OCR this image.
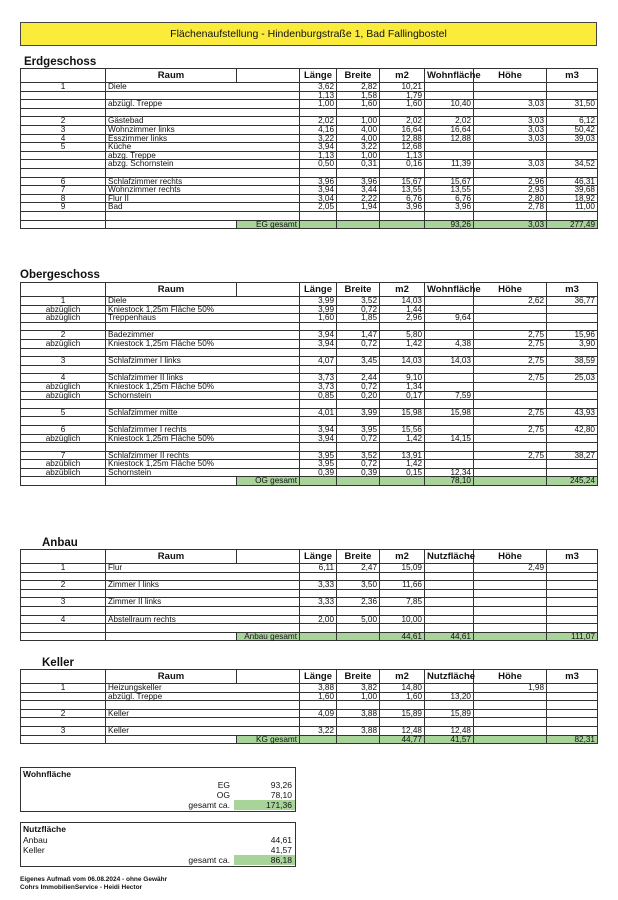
Flächenaufstellung - Hindenburgstraße 1, Bad Fallingbostel
Erdgeschoss
	Raum		Länge	Breite	m2	Wohnfläche	Höhe	m3
1	Diele		3,62	2,82	10,21			
			1,13	1,58	1,79			
	abzügl. Treppe		1,00	1,60	1,60	10,40	3,03	31,50

2	Gästebad		2,02	1,00	2,02	2,02	3,03	6,12
3	Wohnzimmer links		4,16	4,00	16,64	16,64	3,03	50,42
4	Esszimmer links		3,22	4,00	12,88	12,88	3,03	39,03
5	Küche		3,94	3,22	12,68			
	abzg. Treppe		1,13	1,00	1,13			
	abzg. Schornstein		0,50	0,31	0,16	11,39	3,03	34,52

6	Schlafzimmer rechts		3,96	3,96	15,67	15,67	2,96	46,31
7	Wohnzimmer rechts		3,94	3,44	13,55	13,55	2,93	39,68
8	Flur II		3,04	2,22	6,76	6,76	2,80	18,92
9	Bad		2,05	1,94	3,96	3,96	2,78	11,00

		EG gesamt				93,26	3,03	277,49
Obergeschoss
	Raum		Länge	Breite	m2	Wohnfläche	Höhe	m3
1	Diele		3,99	3,52	14,03		2,62	36,77
abzüglich	Kniestock 1,25m Fläche 50%		3,99	0,72	1,44			
abzüglich	Treppenhaus		1,60	1,85	2,96	9,64		

2	Badezimmer		3,94	1,47	5,80		2,75	15,96
abzüglich	Kniestock 1,25m Fläche 50%		3,94	0,72	1,42	4,38	2,75	3,90

3	Schlafzimmer I links		4,07	3,45	14,03	14,03	2,75	38,59

4	Schlafzimmer II links		3,73	2,44	9,10		2,75	25,03
abzüglich	Kniestock 1,25m Fläche 50%		3,73	0,72	1,34			
abzüglich	Schornstein		0,85	0,20	0,17	7,59		

5	Schlafzimmer mitte		4,01	3,99	15,98	15,98	2,75	43,93

6	Schlafzimmer I rechts		3,94	3,95	15,56		2,75	42,80
abzüglich	Kniestock 1,25m Fläche 50%		3,94	0,72	1,42	14,15		

7	Schlafzimmer II rechts		3,95	3,52	13,91		2,75	38,27
abzüblich	Kniestock 1,25m Fläche 50%		3,95	0,72	1,42			
abzüblich	Schornstein		0,39	0,39	0,15	12,34		
		OG gesamt				78,10		245,24
Anbau
	Raum		Länge	Breite	m2	Nutzfläche	Höhe	m3
1	Flur		6,11	2,47	15,09		2,49	

2	Zimmer I links		3,33	3,50	11,66			

3	Zimmer II links		3,33	2,36	7,85			

4	Abstellraum rechts		2,00	5,00	10,00			

		Anbau gesamt			44,61	44,61		111,07
Keller
	Raum		Länge	Breite	m2	Nutzfläche	Höhe	m3
1	Heizungskeller		3,88	3,82	14,80		1,98	
	abzügl. Treppe		1,60	1,00	1,60	13,20		

2	Keller		4,09	3,88	15,89	15,89		

3	Keller		3,22	3,88	12,48	12,48		
		KG gesamt			44,77	41,57		82,31
Wohnfläche
EG	93,26
OG	78,10
gesamt ca.	171,36
Nutzfläche
Anbau	44,61
Keller	41,57
gesamt ca.	86,18
Eigenes Aufmaß vom 06.08.2024 - ohne Gewähr
Cohrs ImmobilienService - Heidi Hector
